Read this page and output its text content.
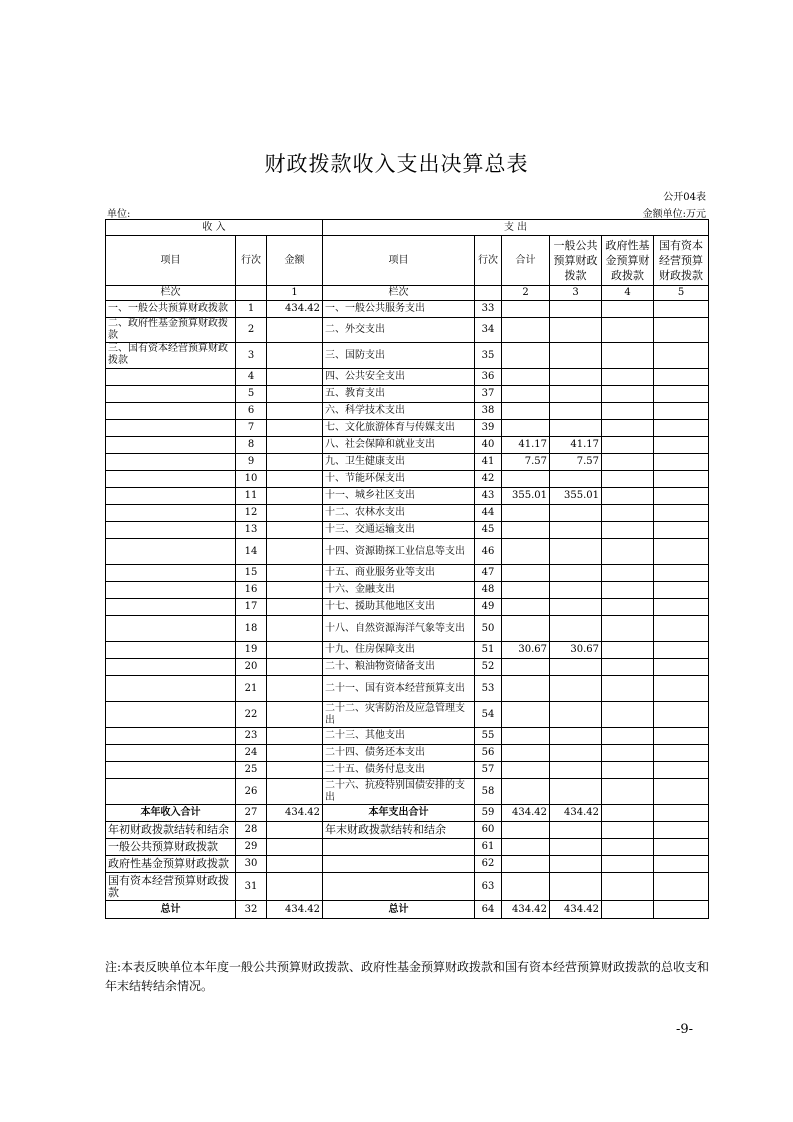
财政拨款收入支出决算总表
公开04表
单位:	金额单位:万元
收 入			支 出					
项目	行次	金额	项目	行次	合计	一般公共预算财政拨款	政府性基金预算财政拨款	国有资本经营预算财政拨款
栏次		1	栏次		2	3	4	5
一、一般公共预算财政拨款	1	434.42	一、一般公共服务支出	33				
二、政府性基金预算财政拨款	2		二、外交支出	34				
三、国有资本经营预算财政拨款	3		三、国防支出	35				
	4		四、公共安全支出	36				
	5		五、教育支出	37				
	6		六、科学技术支出	38				
	7		七、文化旅游体育与传媒支出	39				
	8		八、社会保障和就业支出	40	41.17	41.17		
	9		九、卫生健康支出	41	7.57	7.57		
	10		十、节能环保支出	42				
	11		十一、城乡社区支出	43	355.01	355.01		
	12		十二、农林水支出	44				
	13		十三、交通运输支出	45				
	14		十四、资源勘探工业信息等支出	46				
	15		十五、商业服务业等支出	47				
	16		十六、金融支出	48				
	17		十七、援助其他地区支出	49				
	18		十八、自然资源海洋气象等支出	50				
	19		十九、住房保障支出	51	30.67	30.67		
	20		二十、粮油物资储备支出	52				
	21		二十一、国有资本经营预算支出	53				
	22		二十二、灾害防治及应急管理支出	54				
	23		二十三、其他支出	55				
	24		二十四、债务还本支出	56				
	25		二十五、债务付息支出	57				
	26		二十六、抗疫特别国债安排的支出	58				
本年收入合计	27	434.42	本年支出合计	59	434.42	434.42		
年初财政拨款结转和结余	28		年末财政拨款结转和结余	60				
一般公共预算财政拨款	29			61				
政府性基金预算财政拨款	30			62				
国有资本经营预算财政拨款	31			63				
总计	32	434.42	总计	64	434.42	434.42		
注:本表反映单位本年度一般公共预算财政拨款、政府性基金预算财政拨款和国有资本经营预算财政拨款的总收支和年末结转结余情况。
-9-
